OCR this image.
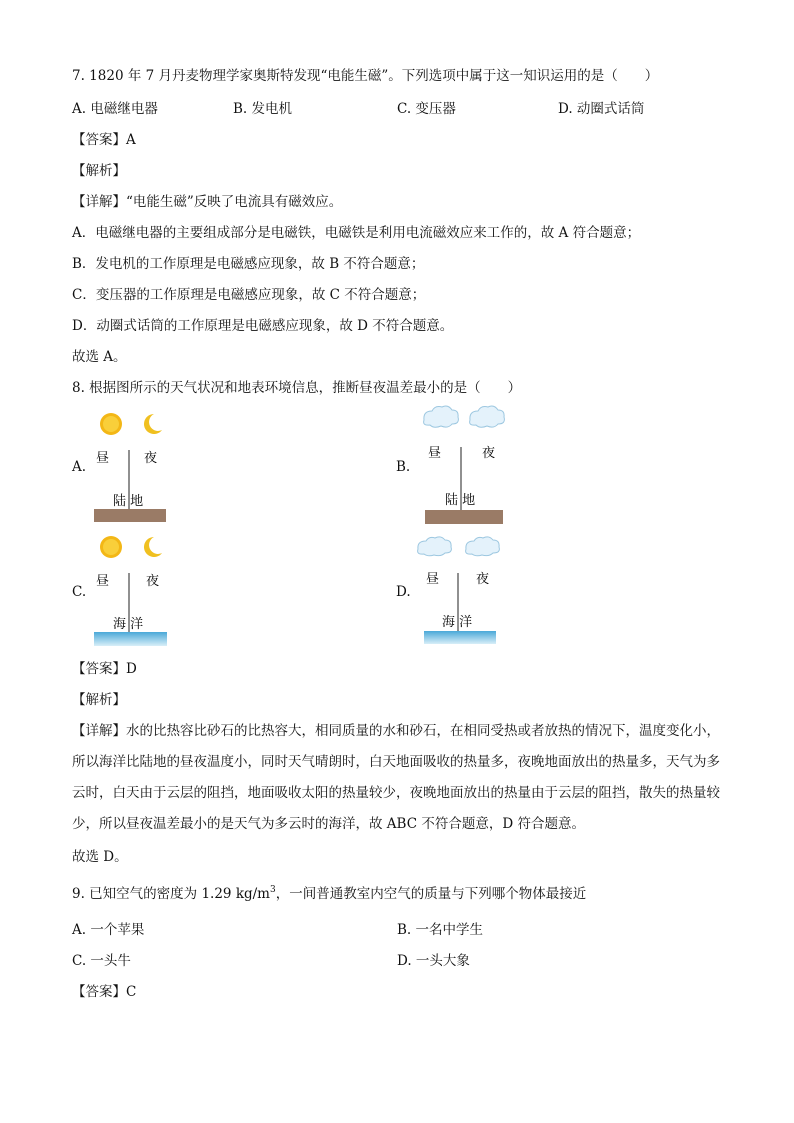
7. 1820 年 7 月丹麦物理学家奥斯特发现“电能生磁”。下列选项中属于这一知识运用的是（　　）
A. 电磁继电器	B. 发电机	C. 变压器	D. 动圈式话筒
【答案】A
【解析】
【详解】“电能生磁”反映了电流具有磁效应。
A．电磁继电器的主要组成部分是电磁铁，电磁铁是利用电流磁效应来工作的，故 A 符合题意；
B．发电机的工作原理是电磁感应现象，故 B 不符合题意；
C．变压器的工作原理是电磁感应现象，故 C 不符合题意；
D．动圈式话筒的工作原理是电磁感应现象，故 D 不符合题意。
故选 A。
8. 根据图所示的天气状况和地表环境信息，推断昼夜温差最小的是（　　）
A.
昼	夜
陆 地
B.
昼	夜
陆 地
C.
昼	夜
海 洋
D.
昼	夜
海 洋
【答案】D
【解析】
【详解】水的比热容比砂石的比热容大，相同质量的水和砂石，在相同受热或者放热的情况下，温度变化小，所以海洋比陆地的昼夜温度小，同时天气晴朗时，白天地面吸收的热量多，夜晚地面放出的热量多，天气为多云时，白天由于云层的阻挡，地面吸收太阳的热量较少，夜晚地面放出的热量由于云层的阻挡，散失的热量较少，所以昼夜温差最小的是天气为多云时的海洋，故 ABC 不符合题意，D 符合题意。
故选 D。
9. 已知空气的密度为 1.29 $kg/m^3$，一间普通教室内空气的质量与下列哪个物体最接近
A. 一个苹果	B. 一名中学生
C. 一头牛	D. 一头大象
【答案】C
